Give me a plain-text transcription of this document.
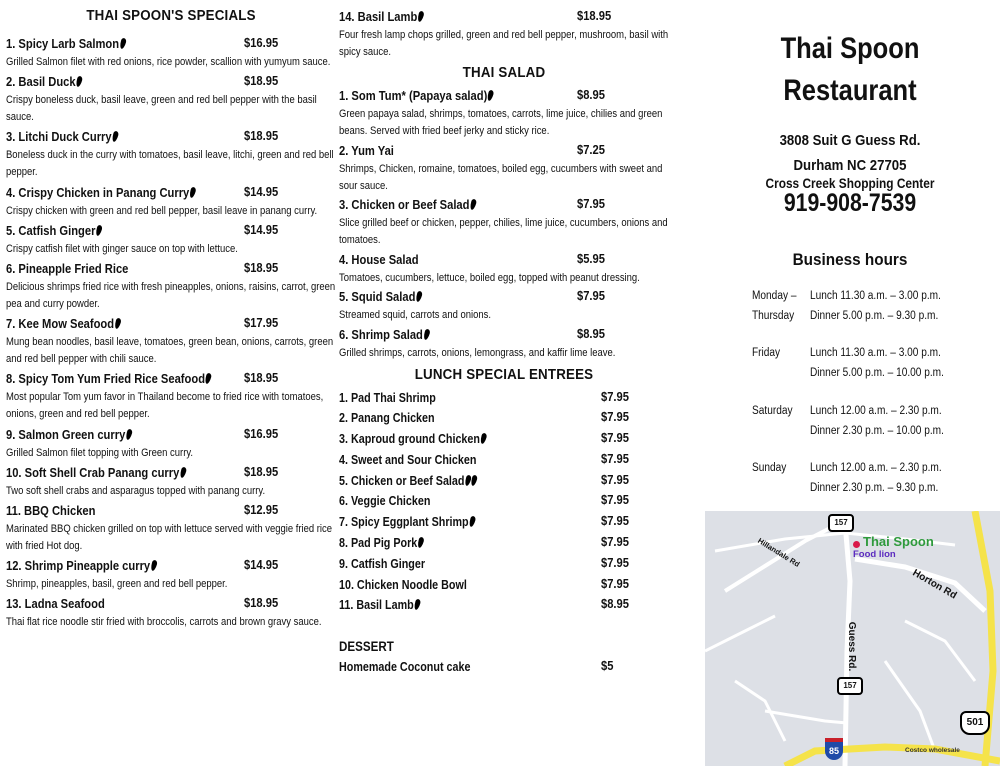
THAI SPOON'S SPECIALS
1. Spicy Larb Salmon	$16.95
Grilled Salmon filet with red onions, rice powder, scallion with yumyum sauce.
2. Basil Duck	$18.95
Crispy boneless duck, basil leave, green and red bell pepper with the basil sauce.
3. Litchi Duck Curry	$18.95
Boneless duck in the curry with tomatoes, basil leave, litchi, green and red bell pepper.
4. Crispy Chicken in Panang Curry	$14.95
Crispy chicken with green and red bell pepper, basil leave in panang curry.
5. Catfish Ginger	$14.95
Crispy catfish filet with ginger sauce on top with lettuce.
6. Pineapple Fried Rice	$18.95
Delicious shrimps fried rice with fresh pineapples, onions, raisins, carrot, green pea and curry powder.
7. Kee Mow Seafood	$17.95
Mung bean noodles, basil leave, tomatoes, green bean, onions, carrots, green and red bell pepper with chili sauce.
8. Spicy Tom Yum Fried Rice Seafood	$18.95
Most popular Tom yum favor in Thailand become to fried rice with tomatoes, onions, green and red bell pepper.
9. Salmon Green curry	$16.95
Grilled Salmon filet topping with Green curry.
10. Soft Shell Crab Panang curry	$18.95
Two soft shell crabs and asparagus topped with panang curry.
11. BBQ Chicken	$12.95
Marinated BBQ chicken grilled on top with lettuce served with veggie fried rice with fried Hot dog.
12. Shrimp Pineapple curry	$14.95
Shrimp, pineapples, basil, green and red bell pepper.
13. Ladna Seafood	$18.95
Thai flat rice noodle stir fried with broccolis, carrots and brown gravy sauce.
14. Basil Lamb	$18.95
Four fresh lamp chops grilled, green and red bell pepper, mushroom, basil with spicy sauce.
THAI SALAD
1. Som Tum* (Papaya salad)	$8.95
Green papaya salad, shrimps, tomatoes, carrots, lime juice, chilies and green beans. Served with fried beef jerky and sticky rice.
2. Yum Yai	$7.25
Shrimps, Chicken, romaine, tomatoes, boiled egg, cucumbers with sweet and sour sauce.
3. Chicken or Beef Salad	$7.95
Slice grilled beef or chicken, pepper, chilies, lime juice, cucumbers, onions and tomatoes.
4. House Salad	$5.95
Tomatoes, cucumbers, lettuce, boiled egg, topped with peanut dressing.
5. Squid Salad	$7.95
Streamed squid, carrots and onions.
6. Shrimp Salad	$8.95
Grilled shrimps, carrots, onions, lemongrass, and kaffir lime leave.
LUNCH SPECIAL ENTREES
1. Pad Thai Shrimp	$7.95
2. Panang Chicken	$7.95
3. Kaproud ground Chicken	$7.95
4. Sweet and Sour Chicken	$7.95
5. Chicken or Beef Salad	$7.95
6. Veggie Chicken	$7.95
7. Spicy Eggplant Shrimp	$7.95
8. Pad Pig Pork	$7.95
9. Catfish Ginger	$7.95
10. Chicken Noodle Bowl	$7.95
11. Basil Lamb	$8.95
DESSERT
Homemade Coconut cake	$5
Thai Spoon
Restaurant
3808 Suit G Guess Rd.
Durham NC 27705
Cross Creek Shopping Center
919-908-7539
Business hours
Monday – Lunch 11.30 a.m. – 3.00 p.m.
Thursday Dinner 5.00 p.m. – 9.30 p.m.
Friday	Lunch 11.30 a.m. – 3.00 p.m.
Dinner 5.00 p.m. – 10.00 p.m.
Saturday Lunch 12.00 a.m. – 2.30 p.m.
Dinner 2.30 p.m. – 10.00 p.m.
Sunday Lunch 12.00 a.m. – 2.30 p.m.
Dinner 2.30 p.m. – 9.30 p.m.
Thai Spoon
Food lion
Hillandale Rd
Horton Rd
Guess Rd.
157
157
501
85	Costco wholesale
